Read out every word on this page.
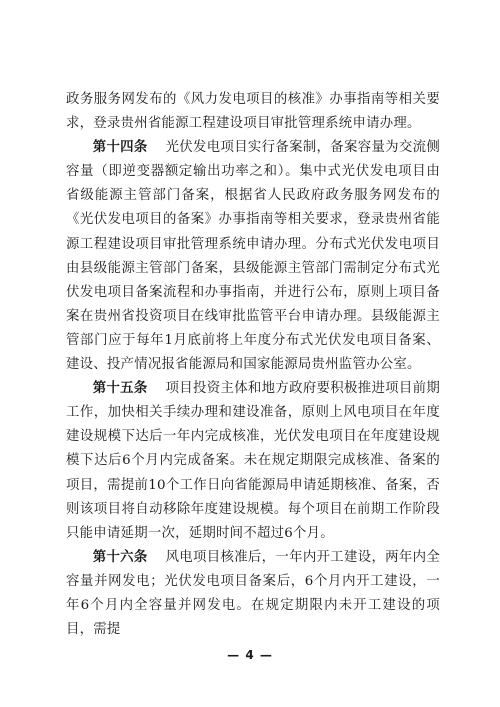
政务服务网发布的《风力发电项目的核准》办事指南等相关要求，登录贵州省能源工程建设项目审批管理系统申请办理。

第十四条 光伏发电项目实行备案制，备案容量为交流侧容量（即逆变器额定输出功率之和）。集中式光伏发电项目由省级能源主管部门备案，根据省人民政府政务服务网发布的《光伏发电项目的备案》办事指南等相关要求，登录贵州省能源工程建设项目审批管理系统申请办理。分布式光伏发电项目由县级能源主管部门备案，县级能源主管部门需制定分布式光伏发电项目备案流程和办事指南，并进行公布，原则上项目备案在贵州省投资项目在线审批监管平台申请办理。县级能源主管部门应于每年1月底前将上年度分布式光伏发电项目备案、建设、投产情况报省能源局和国家能源局贵州监管办公室。

第十五条 项目投资主体和地方政府要积极推进项目前期工作，加快相关手续办理和建设准备，原则上风电项目在年度建设规模下达后一年内完成核准，光伏发电项目在年度建设规模下达后6个月内完成备案。未在规定期限完成核准、备案的项目，需提前10个工作日向省能源局申请延期核准、备案，否则该项目将自动移除年度建设规模。每个项目在前期工作阶段只能申请延期一次，延期时间不超过6个月。

第十六条 风电项目核准后，一年内开工建设，两年内全容量并网发电；光伏发电项目备案后，6个月内开工建设，一年6个月内全容量并网发电。在规定期限内未开工建设的项目，需提

— 4 —
